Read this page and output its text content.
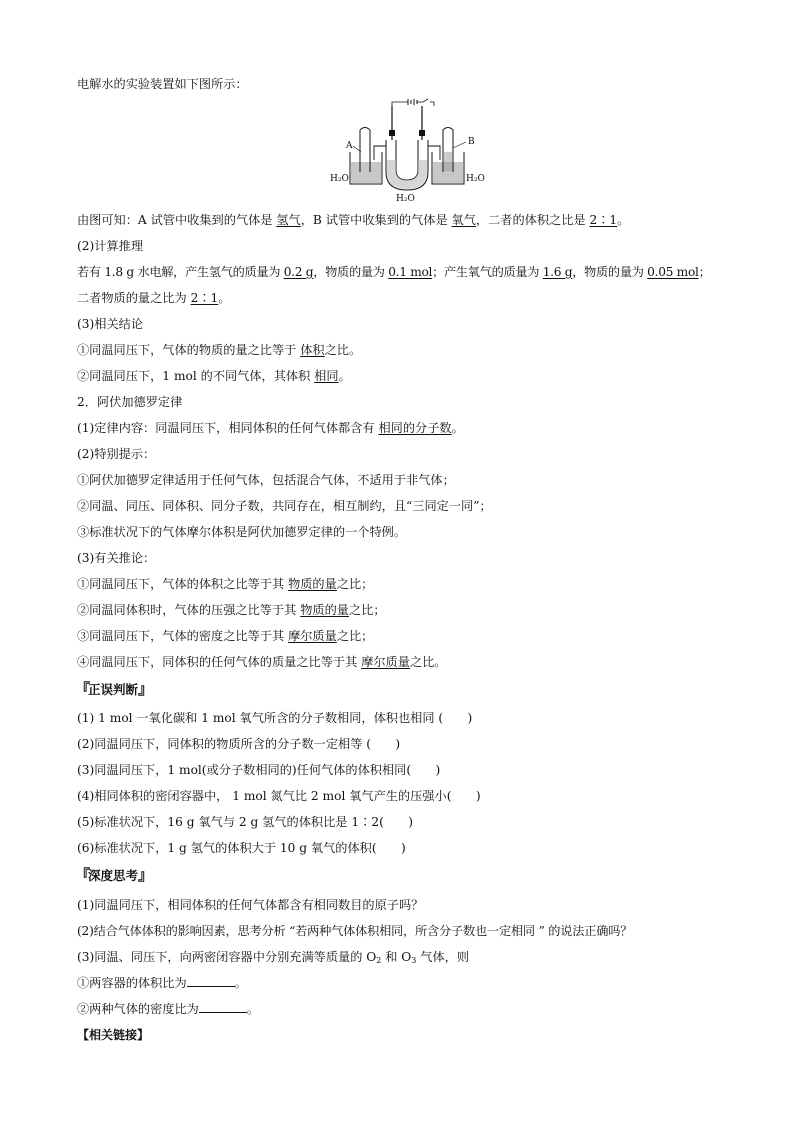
电解水的实验装置如下图所示：
A	B
H₂O	H₂O
H₂O
由图可知：A 试管中收集到的气体是 氢气，B 试管中收集到的气体是 氧气，二者的体积之比是 2∶1。
(2)计算推理
若有 1.8 g 水电解，产生氢气的质量为 0.2 g，物质的量为 0.1 mol；产生氧气的质量为 1.6 g，物质的量为 0.05 mol；
二者物质的量之比为 2∶1。
(3)相关结论
①同温同压下，气体的物质的量之比等于 体积之比。
②同温同压下，1 mol 的不同气体，其体积 相同。
2．阿伏加德罗定律
(1)定律内容：同温同压下，相同体积的任何气体都含有 相同的分子数。
(2)特别提示：
①阿伏加德罗定律适用于任何气体，包括混合气体，不适用于非气体；
②同温、同压、同体积、同分子数，共同存在，相互制约，且“三同定一同”；
③标准状况下的气体摩尔体积是阿伏加德罗定律的一个特例。
(3)有关推论：
①同温同压下，气体的体积之比等于其 物质的量之比；
②同温同体积时，气体的压强之比等于其 物质的量之比；
③同温同压下，气体的密度之比等于其 摩尔质量之比；
④同温同压下，同体积的任何气体的质量之比等于其 摩尔质量之比。
『正误判断』
(1) 1 mol 一氧化碳和 1 mol 氧气所含的分子数相同，体积也相同 (　　)
(2)同温同压下，同体积的物质所含的分子数一定相等 (　　)
(3)同温同压下，1 mol(或分子数相同的)任何气体的体积相同(　　)
(4)相同体积的密闭容器中， 1 mol 氮气比 2 mol 氧气产生的压强小(　　)
(5)标准状况下，16 g 氧气与 2 g 氢气的体积比是 1∶2(　　)
(6)标准状况下，1 g 氢气的体积大于 10 g 氧气的体积(　　)
『深度思考』
(1)同温同压下，相同体积的任何气体都含有相同数目的原子吗？
(2)结合气体体积的影响因素，思考分析 “若两种气体体积相同，所含分子数也一定相同 ” 的说法正确吗？
(3)同温、同压下，向两密闭容器中分别充满等质量的 $O_2$ 和 $O_3$ 气体，则
①两容器的体积比为	。
②两种气体的密度比为	。
【相关链接】
